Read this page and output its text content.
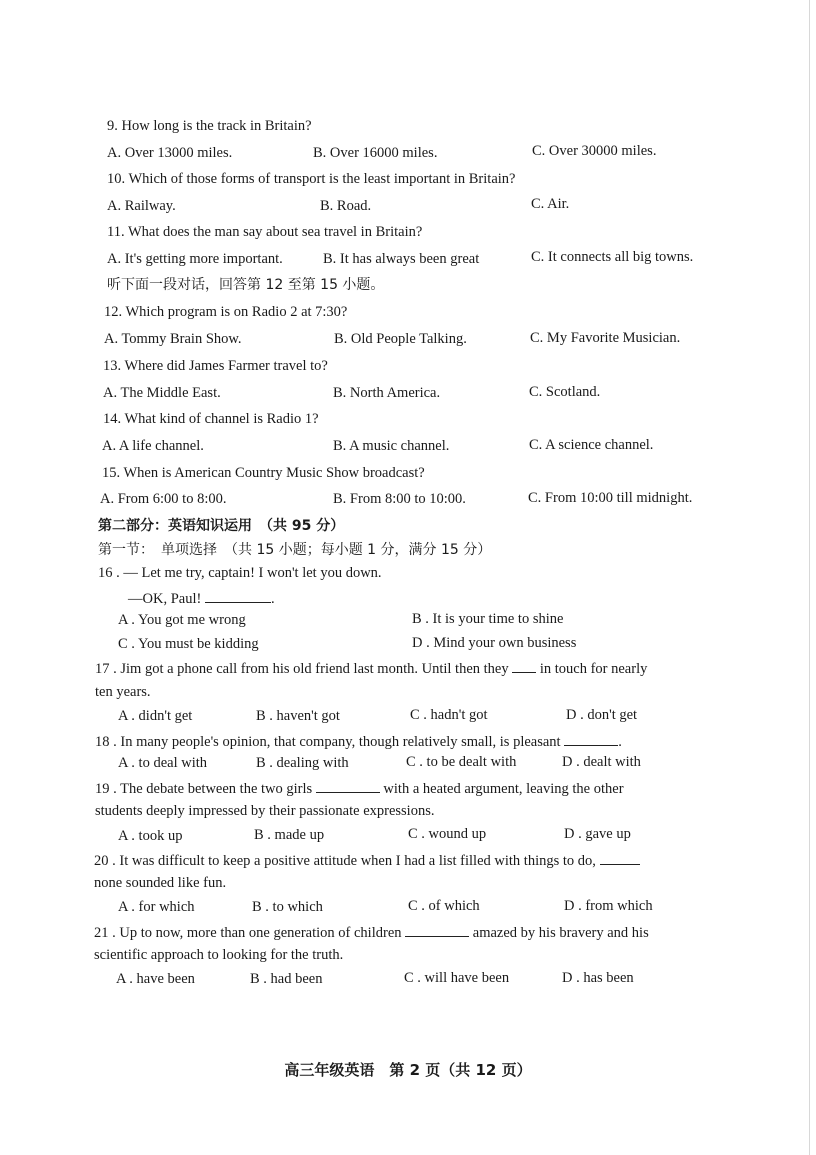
9. How long is the track in Britain?
A. Over 13000 miles.	B. Over 16000 miles.	C. Over 30000 miles.
10. Which of those forms of transport is the least important in Britain?
A. Railway.	B. Road.	C. Air.
11. What does the man say about sea travel in Britain?
A. It's getting more important.	B. It has always been great	C. It connects all big towns.
听下面一段对话，回答第 12 至第 15 小题。
12. Which program is on Radio 2 at 7:30?
A. Tommy Brain Show.	B. Old People Talking.	C. My Favorite Musician.
13. Where did James Farmer travel to?
A. The Middle East.	B. North America.	C. Scotland.
14. What kind of channel is Radio 1?
A. A life channel.	B. A music channel.	C. A science channel.
15. When is American Country Music Show broadcast?
A. From 6:00 to 8:00.	B. From 8:00 to 10:00.	C. From 10:00 till midnight.
第二部分：英语知识运用　（共 95 分）
第一节：　单项选择　（共 15 小题；每小题 1 分，满分 15 分）
16 . — Let me try, captain! I won't let you down.
—OK, Paul!	.
A . You got me wrong	B . It is your time to shine
C . You must be kidding	D . Mind your own business
17 . Jim got a phone call from his old friend last month. Until then they in touch for nearly
ten years.
A . didn't get	B . haven't got	C . hadn't got	D . don't get
18 . In many people's opinion, that company, though relatively small, is pleasant	.
A . to deal with	B . dealing with	C . to be dealt with	D . dealt with
19 . The debate between the two girls	with a heated argument, leaving the other
students deeply impressed by their passionate expressions.
A . took up	B . made up	C . wound up	D . gave up
20 . It was difficult to keep a positive attitude when I had a list filled with things to do,
none sounded like fun.
A . for which	B . to which	C . of which	D . from which
21 . Up to now, more than one generation of children	amazed by his bravery and his
scientific approach to looking for the truth.
A . have been	B . had been	C . will have been	D . has been
高三年级英语　第 2 页（共 12 页）
